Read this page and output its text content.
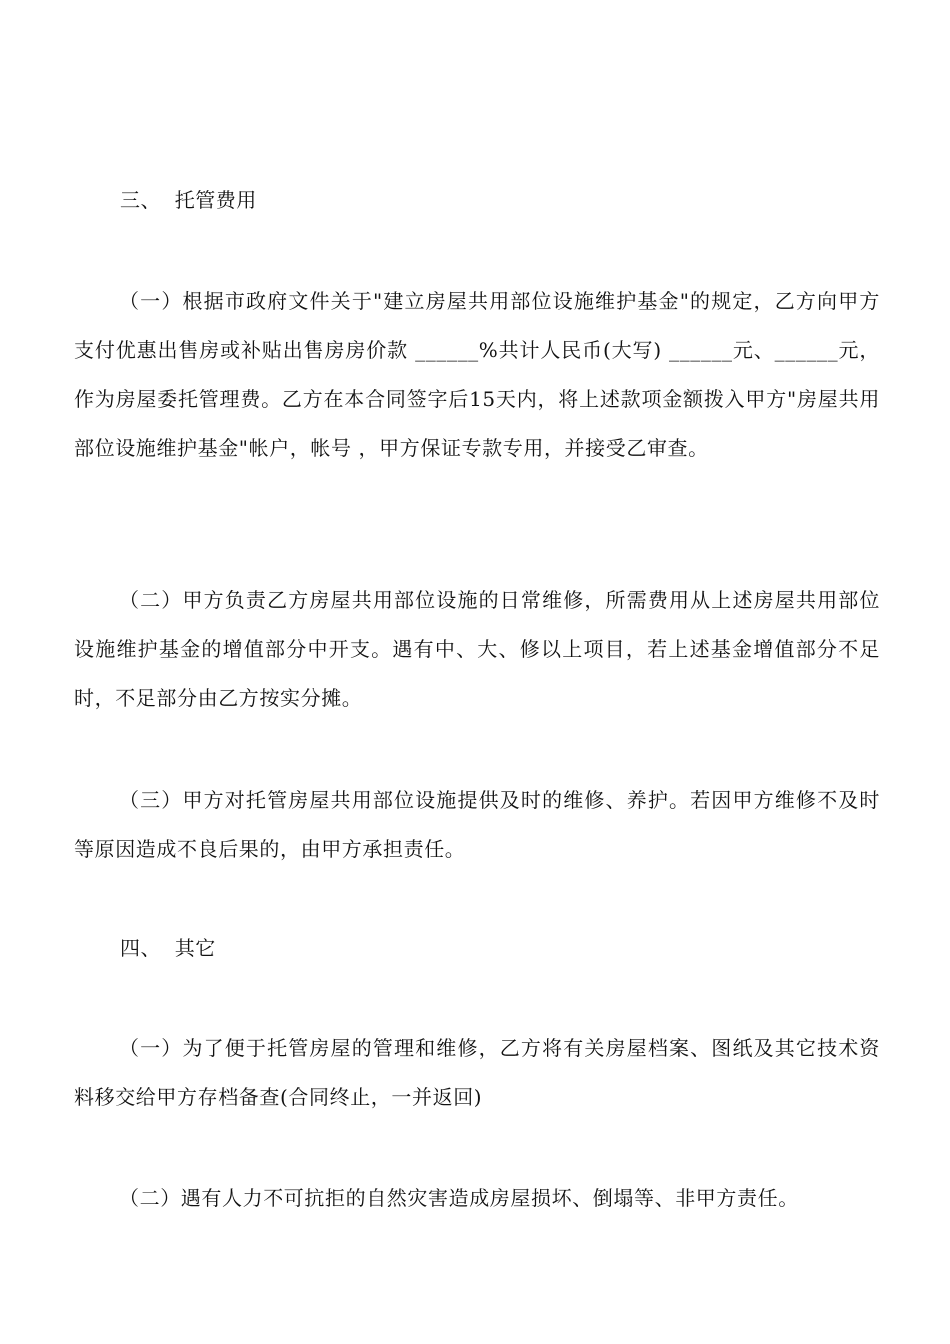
三、  托管费用

（一）根据市政府文件关于"建立房屋共用部位设施维护基金"的规定，乙方向甲方支付优惠出售房或补贴出售房房价款 ______%共计人民币(大写) ______元、______元，作为房屋委托管理费。乙方在本合同签字后15天内，将上述款项金额拨入甲方"房屋共用部位设施维护基金"帐户，帐号 ，甲方保证专款专用，并接受乙审查。

（二）甲方负责乙方房屋共用部位设施的日常维修，所需费用从上述房屋共用部位设施维护基金的增值部分中开支。遇有中、大、修以上项目，若上述基金增值部分不足时，不足部分由乙方按实分摊。

（三）甲方对托管房屋共用部位设施提供及时的维修、养护。若因甲方维修不及时等原因造成不良后果的，由甲方承担责任。

四、  其它

（一）为了便于托管房屋的管理和维修，乙方将有关房屋档案、图纸及其它技术资料移交给甲方存档备查(合同终止，一并返回)

（二）遇有人力不可抗拒的自然灾害造成房屋损坏、倒塌等、非甲方责任。
